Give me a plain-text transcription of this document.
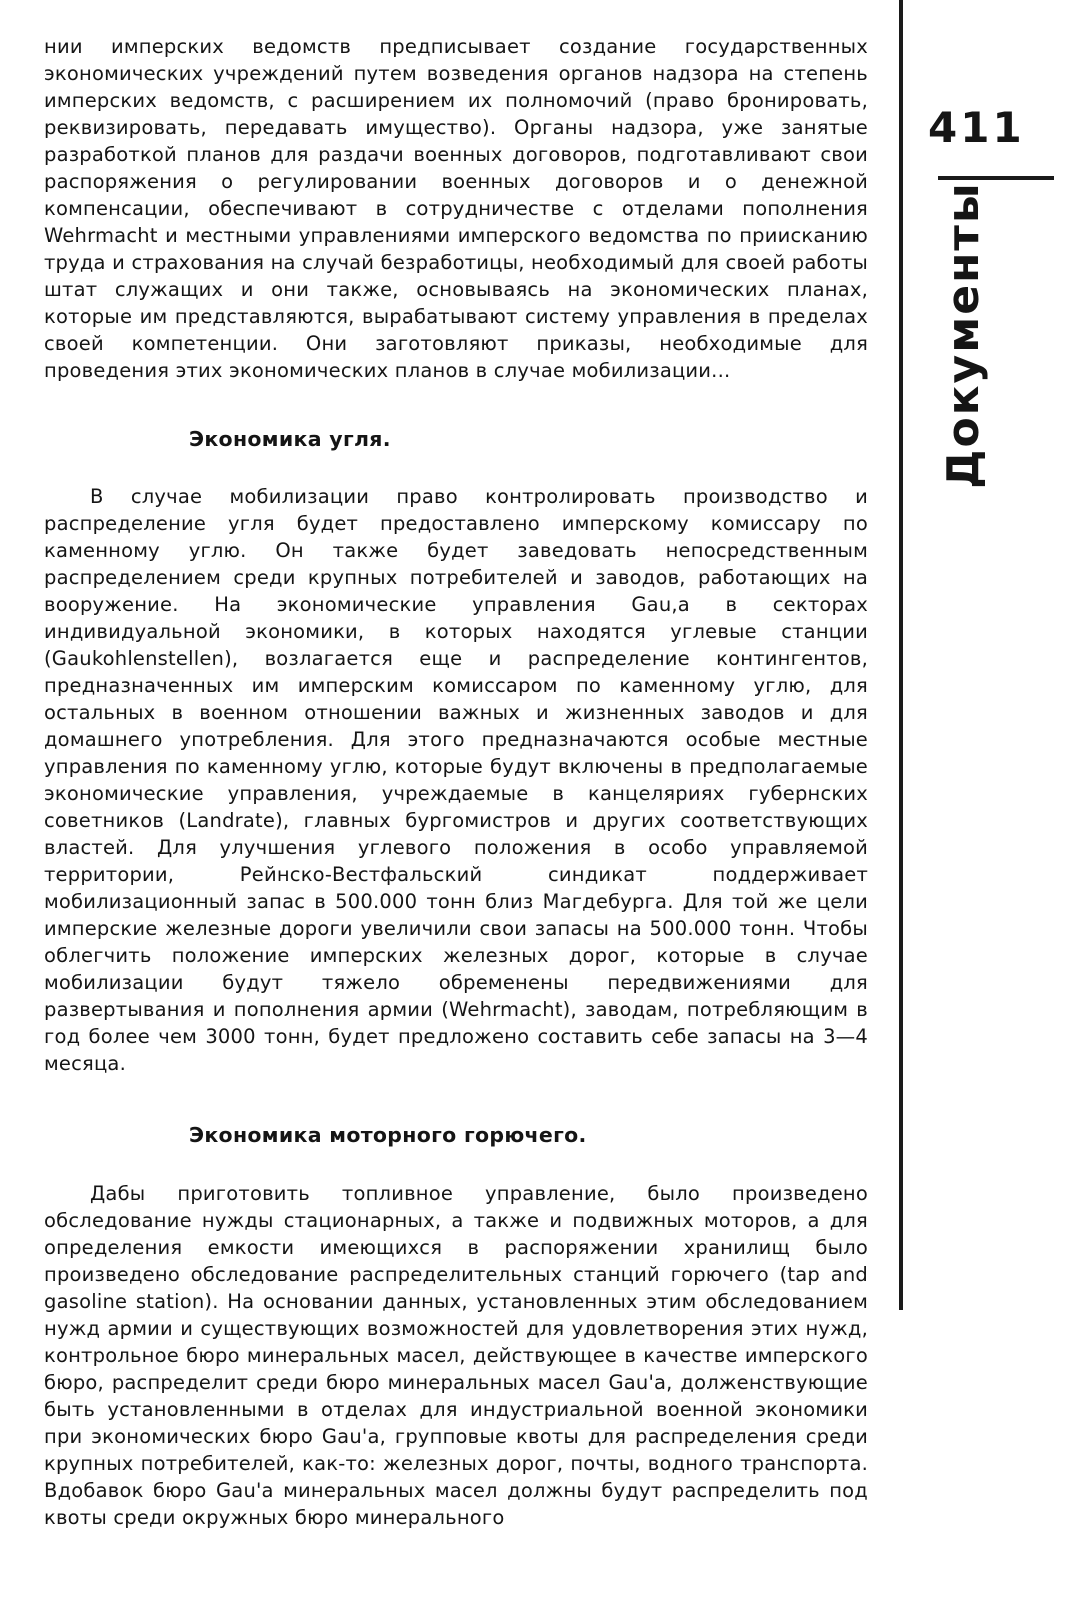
411
Документы

нии имперских ведомств предписывает создание государственных экономических учреждений путем возведения органов надзора на степень имперских ведомств, с расширением их полномочий (право бронировать, реквизировать, передавать имущество). Органы надзора, уже занятые разработкой планов для раздачи военных договоров, подготавливают свои распоряжения о регулировании военных договоров и о денежной компенсации, обеспечивают в сотрудничестве с отделами пополнения Wehrmacht и местными управлениями имперского ведомства по приисканию труда и страхования на случай безработицы, необходимый для своей работы штат служащих и они также, основываясь на экономических планах, которые им представляются, вырабатывают систему управления в пределах своей компетенции. Они заготовляют приказы, необходимые для проведения этих экономических планов в случае мобилизации...

Экономика угля.

В случае мобилизации право контролировать производство и распределение угля будет предоставлено имперскому комиссару по каменному углю. Он также будет заведовать непосредственным распределением среди крупных потребителей и заводов, работающих на вооружение. На экономические управления Gau,a в секторах индивидуальной экономики, в которых находятся углевые станции (Gaukohlenstellen), возлагается еще и распределение контингентов, предназначенных им имперским комиссаром по каменному углю, для остальных в военном отношении важных и жизненных заводов и для домашнего употребления. Для этого предназначаются особые местные управления по каменному углю, которые будут включены в предполагаемые экономические управления, учреждаемые в канцеляриях губернских советников (Landrate), главных бургомистров и других соответствующих властей. Для улучшения углевого положения в особо управляемой территории, Рейнско-Вестфальский синдикат поддерживает мобилизационный запас в 500.000 тонн близ Магдебурга. Для той же цели имперские железные дороги увеличили свои запасы на 500.000 тонн. Чтобы облегчить положение имперских железных дорог, которые в случае мобилизации будут тяжело обременены передвижениями для развертывания и пополнения армии (Wehrmacht), заводам, потребляющим в год более чем 3000 тонн, будет предложено составить себе запасы на 3—4 месяца.

Экономика моторного горючего.

Дабы приготовить топливное управление, было произведено обследование нужды стационарных, а также и подвижных моторов, а для определения емкости имеющихся в распоряжении хранилищ было произведено обследование распределительных станций горючего (tap and gasoline station). На основании данных, установленных этим обследованием нужд армии и существующих возможностей для удовлетворения этих нужд, контрольное бюро минеральных масел, действующее в качестве имперского бюро, распределит среди бюро минеральных масел Gau'a, долженствующие быть установленными в отделах для индустриальной военной экономики при экономических бюро Gau'a, групповые квоты для распределения среди крупных потребителей, как-то: железных дорог, почты, водного транспорта. Вдобавок бюро Gau'a минеральных масел должны будут распределить под квоты среди окружных бюро минерального
